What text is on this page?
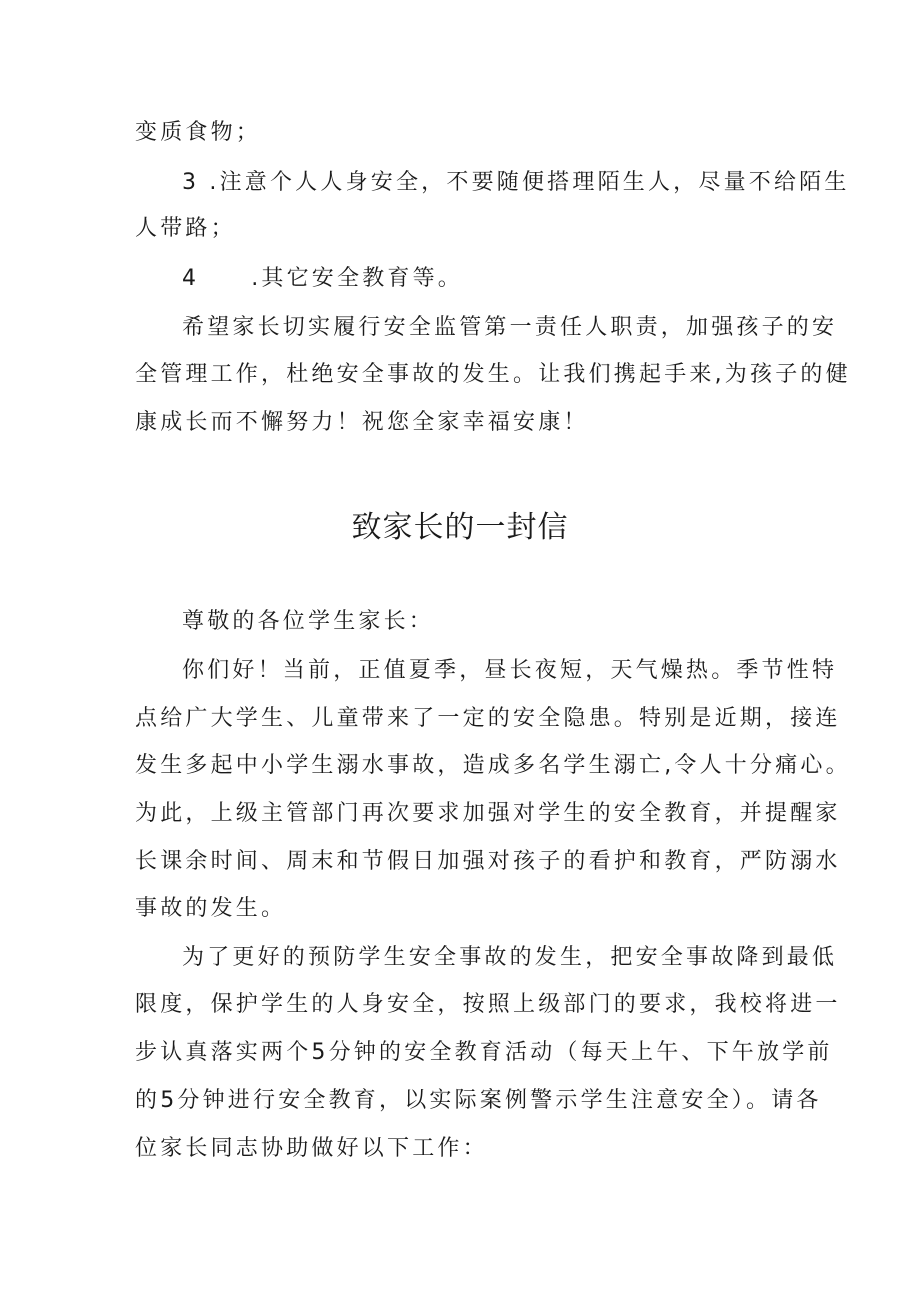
变质食物；
3 .注意个人人身安全，不要随便搭理陌生人，尽量不给陌生
人带路；
4 .其它安全教育等。
希望家长切实履行安全监管第一责任人职责，加强孩子的安
全管理工作，杜绝安全事故的发生。让我们携起手来,为孩子的健
康成长而不懈努力！祝您全家幸福安康！
致家长的一封信
尊敬的各位学生家长：
你们好！当前，正值夏季，昼长夜短，天气燥热。季节性特
点给广大学生、儿童带来了一定的安全隐患。特别是近期，接连
发生多起中小学生溺水事故，造成多名学生溺亡,令人十分痛心。
为此，上级主管部门再次要求加强对学生的安全教育，并提醒家
长课余时间、周末和节假日加强对孩子的看护和教育，严防溺水
事故的发生。
为了更好的预防学生安全事故的发生，把安全事故降到最低
限度，保护学生的人身安全，按照上级部门的要求，我校将进一
步认真落实两个5分钟的安全教育活动（每天上午、下午放学前
的5分钟进行安全教育，以实际案例警示学生注意安全）。请各
位家长同志协助做好以下工作：
